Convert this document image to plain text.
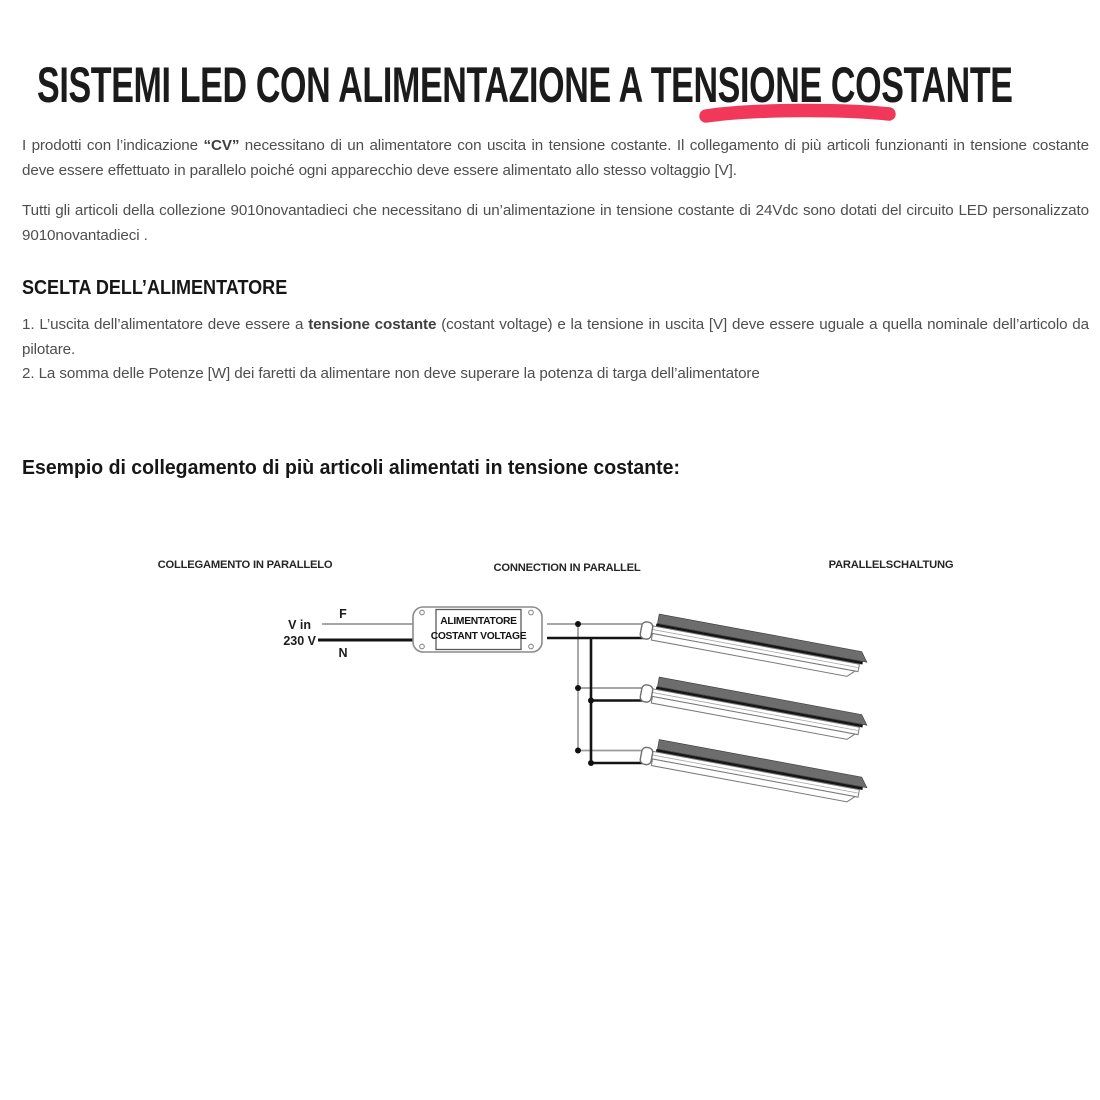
SISTEMI LED CON ALIMENTAZIONE A TENSIONE COSTANTE

I prodotti con l’indicazione “CV” necessitano di un alimentatore con uscita in tensione costante. Il collegamento di più articoli funzionanti in tensione costante deve essere effettuato in parallelo poiché ogni apparecchio deve essere alimentato allo stesso voltaggio [V].

Tutti gli articoli della collezione 9010novantadieci che necessitano di un’alimentazione in tensione costante di 24Vdc sono dotati del circuito LED personalizzato 9010novantadieci .

SCELTA DELL’ALIMENTATORE

1. L’uscita dell’alimentatore deve essere a tensione costante (costant voltage) e la tensione in uscita [V] deve essere uguale a quella nominale dell’articolo da pilotare.

2. La somma delle Potenze [W] dei faretti da alimentare non deve superare la potenza di targa dell’alimentatore

Esempio di collegamento di più articoli alimentati in tensione costante:
COLLEGAMENTO IN PARALLELO	CONNECTION IN PARALLEL	PARALLELSCHALTUNG
V in
230 V
F
N
ALIMENTATORE
COSTANT VOLTAGE
